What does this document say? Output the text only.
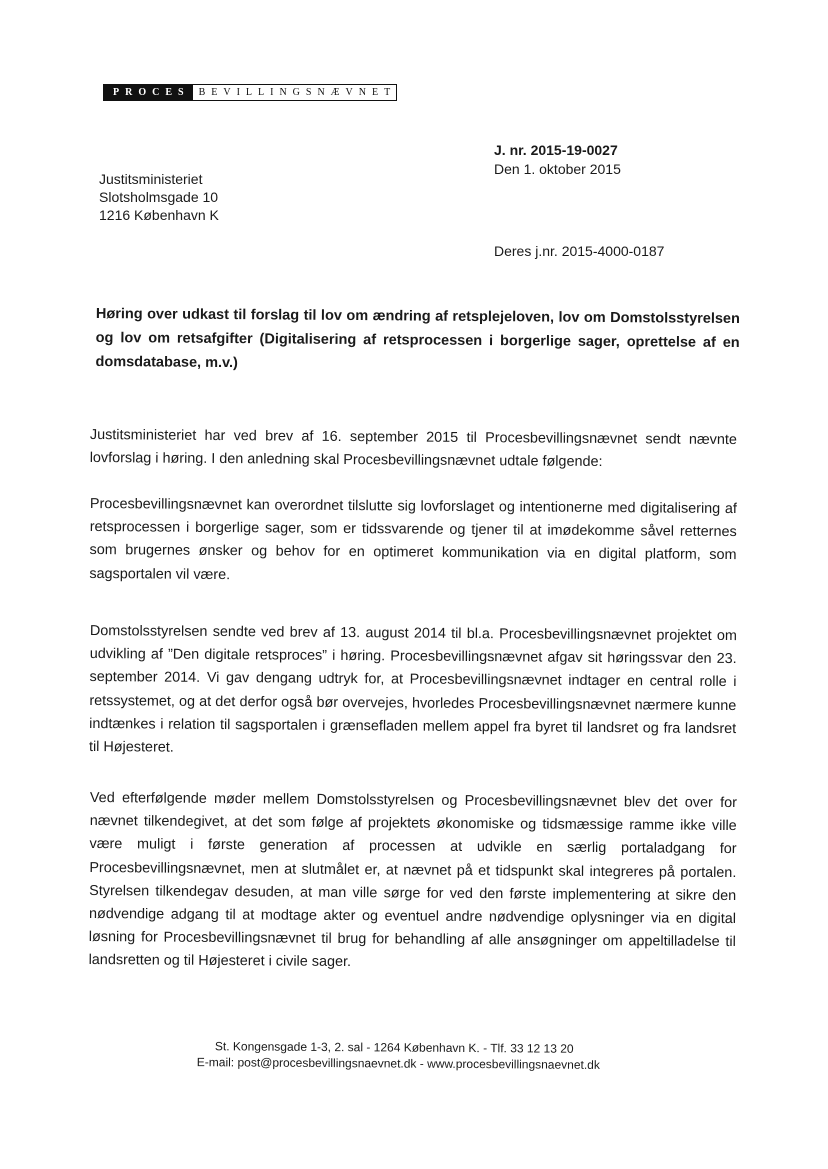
PROCES BEVILLINGSNÆVNET
J. nr. 2015-19-0027
Den 1. oktober 2015
Justitsministeriet
Slotsholmsgade 10
1216 København K
Deres j.nr. 2015-4000-0187
Høring over udkast til forslag til lov om ændring af retsplejeloven, lov om Domstolsstyrelsen og lov om retsafgifter (Digitalisering af retsprocessen i borgerlige sager, oprettelse af en domsdatabase, m.v.)
Justitsministeriet har ved brev af 16. september 2015 til Procesbevillingsnævnet sendt nævnte lovforslag i høring. I den anledning skal Procesbevillingsnævnet udtale følgende:
Procesbevillingsnævnet kan overordnet tilslutte sig lovforslaget og intentionerne med digitalisering af retsprocessen i borgerlige sager, som er tidssvarende og tjener til at imødekomme såvel retternes som brugernes ønsker og behov for en optimeret kommunikation via en digital platform, som sagsportalen vil være.
Domstolsstyrelsen sendte ved brev af 13. august 2014 til bl.a. Procesbevillingsnævnet projektet om udvikling af ”Den digitale retsproces” i høring. Procesbevillingsnævnet afgav sit høringssvar den 23. september 2014. Vi gav dengang udtryk for, at Procesbevillingsnævnet indtager en central rolle i retssystemet, og at det derfor også bør overvejes, hvorledes Procesbevillingsnævnet nærmere kunne indtænkes i relation til sagsportalen i grænsefladen mellem appel fra byret til landsret og fra landsret til Højesteret.
Ved efterfølgende møder mellem Domstolsstyrelsen og Procesbevillingsnævnet blev det over for nævnet tilkendegivet, at det som følge af projektets økonomiske og tidsmæssige ramme ikke ville være muligt i første generation af processen at udvikle en særlig portaladgang for Procesbevillingsnævnet, men at slutmålet er, at nævnet på et tidspunkt skal integreres på portalen. Styrelsen tilkendegav desuden, at man ville sørge for ved den første implementering at sikre den nødvendige adgang til at modtage akter og eventuel andre nødvendige oplysninger via en digital løsning for Procesbevillingsnævnet til brug for behandling af alle ansøgninger om appeltilladelse til landsretten og til Højesteret i civile sager.
St. Kongensgade 1-3, 2. sal - 1264 København K. - Tlf. 33 12 13 20
E-mail: post@procesbevillingsnaevnet.dk - www.procesbevillingsnaevnet.dk
